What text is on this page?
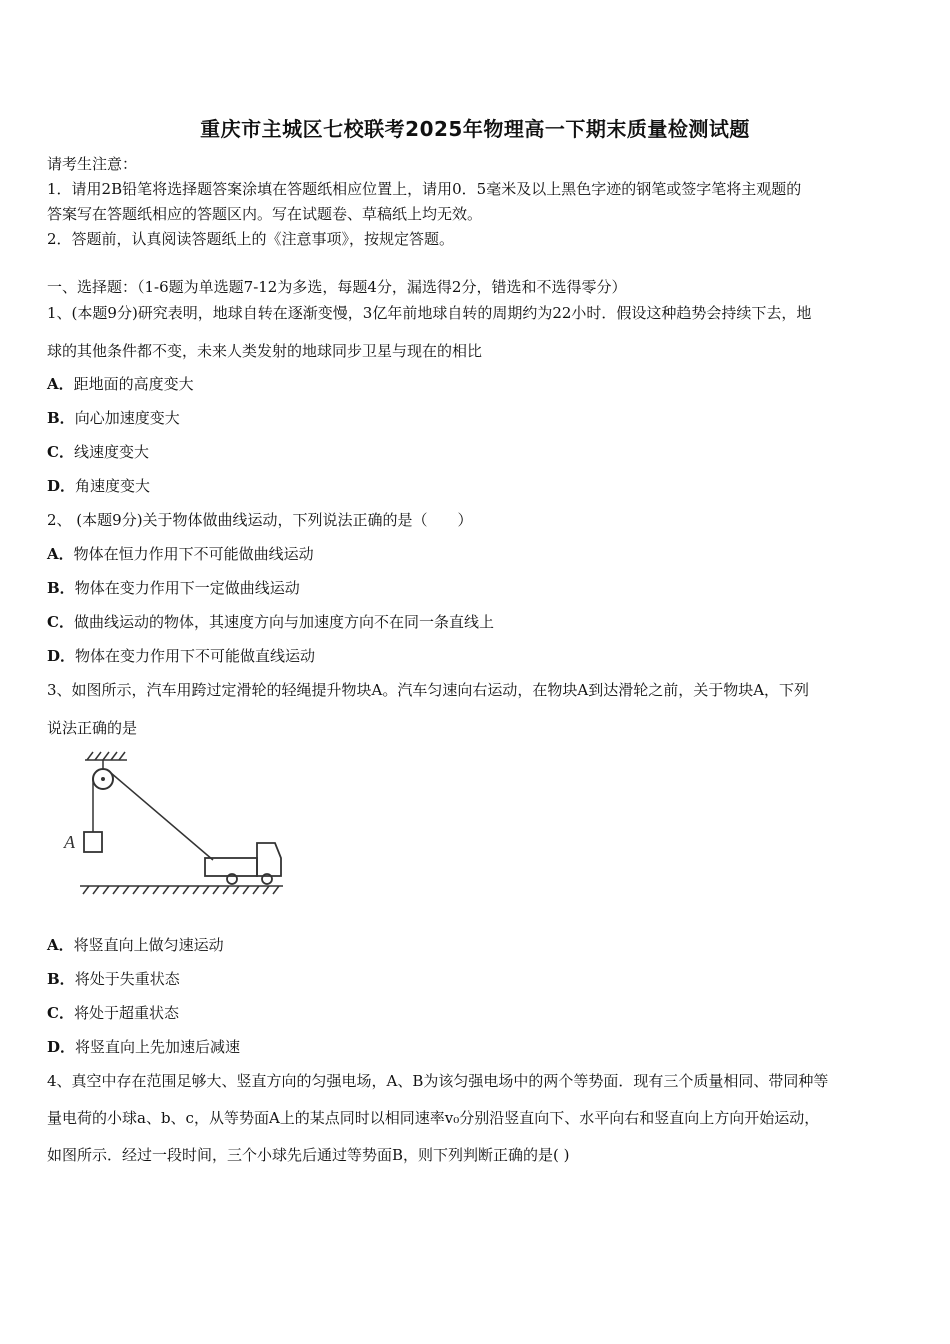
重庆市主城区七校联考2025年物理高一下期末质量检测试题
请考生注意：
1．请用2B铅笔将选择题答案涂填在答题纸相应位置上，请用0．5毫米及以上黑色字迹的钢笔或签字笔将主观题的
答案写在答题纸相应的答题区内。写在试题卷、草稿纸上均无效。
2．答题前，认真阅读答题纸上的《注意事项》，按规定答题。
一、选择题：（1-6题为单选题7-12为多选，每题4分，漏选得2分，错选和不选得零分）
1、(本题9分)研究表明，地球自转在逐渐变慢，3亿年前地球自转的周期约为22小时．假设这种趋势会持续下去，地
球的其他条件都不变，未来人类发射的地球同步卫星与现在的相比
A．距地面的高度变大
B．向心加速度变大
C．线速度变大
D．角速度变大
2、 (本题9分)关于物体做曲线运动，下列说法正确的是（　　）
A．物体在恒力作用下不可能做曲线运动
B．物体在变力作用下一定做曲线运动
C．做曲线运动的物体，其速度方向与加速度方向不在同一条直线上
D．物体在变力作用下不可能做直线运动
3、如图所示，汽车用跨过定滑轮的轻绳提升物块A。汽车匀速向右运动，在物块A到达滑轮之前，关于物块A，下列
说法正确的是
A
A．将竖直向上做匀速运动
B．将处于失重状态
C．将处于超重状态
D．将竖直向上先加速后减速
4、真空中存在范围足够大、竖直方向的匀强电场，A、B为该匀强电场中的两个等势面．现有三个质量相同、带同种等
量电荷的小球a、b、c，从等势面A上的某点同时以相同速率v₀分别沿竖直向下、水平向右和竖直向上方向开始运动，
如图所示．经过一段时间，三个小球先后通过等势面B，则下列判断正确的是( )
